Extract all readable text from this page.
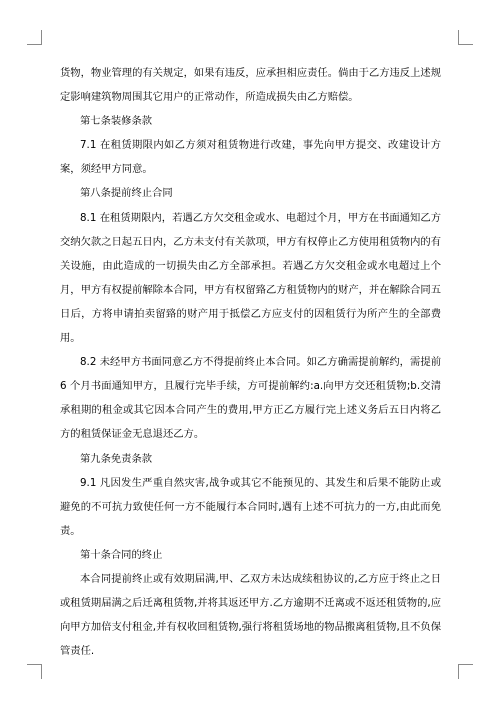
货物，物业管理的有关规定，如果有违反，应承担相应责任。倘由于乙方违反上述规定影响建筑物周围其它用户的正常动作，所造成损失由乙方赔偿。

第七条装修条款

7.1 在租赁期限内如乙方须对租赁物进行改建，事先向甲方提交、改建设计方案，须经甲方同意。

第八条提前终止合同

8.1 在租赁期限内，若遇乙方欠交租金或水、电超过个月，甲方在书面通知乙方交纳欠款之日起五日内，乙方未支付有关款项，甲方有权停止乙方使用租赁物内的有关设施，由此造成的一切损失由乙方全部承担。若遇乙方欠交租金或水电超过上个月，甲方有权提前解除本合同，甲方有权留臵乙方租赁物内的财产，并在解除合同五日后，方将申请拍卖留臵的财产用于抵偿乙方应支付的因租赁行为所产生的全部费用。

8.2 未经甲方书面同意乙方不得提前终止本合同。如乙方确需提前解约，需提前6 个月书面通知甲方，且履行完毕手续，方可提前解约:a.向甲方交还租赁物;b.交清承租期的租金或其它因本合同产生的费用,甲方正乙方履行完上述义务后五日内将乙方的租赁保证金无息退还乙方。

第九条免责条款

9.1 凡因发生严重自然灾害,战争或其它不能预见的、其发生和后果不能防止或避免的不可抗力致使任何一方不能履行本合同时,遇有上述不可抗力的一方,由此而免责。

第十条合同的终止

本合同提前终止或有效期届满,甲、乙双方未达成续租协议的,乙方应于终止之日或租赁期届满之后迁离租赁物,并将其返还甲方.乙方逾期不迁离或不返还租赁物的,应向甲方加倍支付租金,并有权收回租赁物,强行将租赁场地的物品搬离租赁物,且不负保管责任.
